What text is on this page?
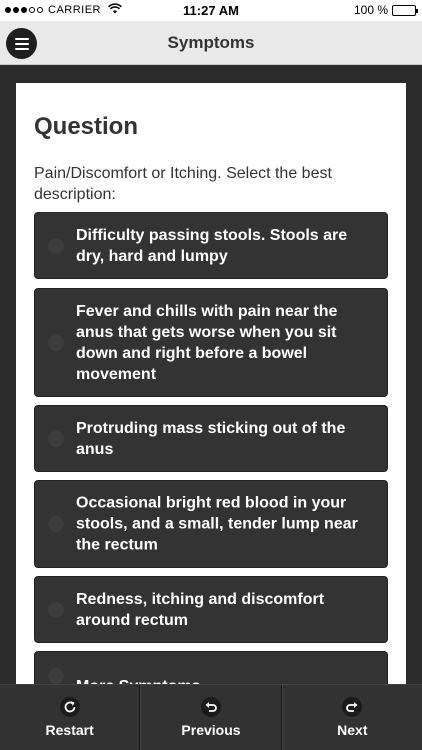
CARRIER	11:27 AM	100 %
Symptoms
Question
Pain/Discomfort or Itching. Select the best description:
Difficulty passing stools. Stools are dry, hard and lumpy
Fever and chills with pain near the anus that gets worse when you sit down and right before a bowel movement
Protruding mass sticking out of the anus
Occasional bright red blood in your stools, and a small, tender lump near the rectum
Redness, itching and discomfort around rectum
Restart	Previous	Next
